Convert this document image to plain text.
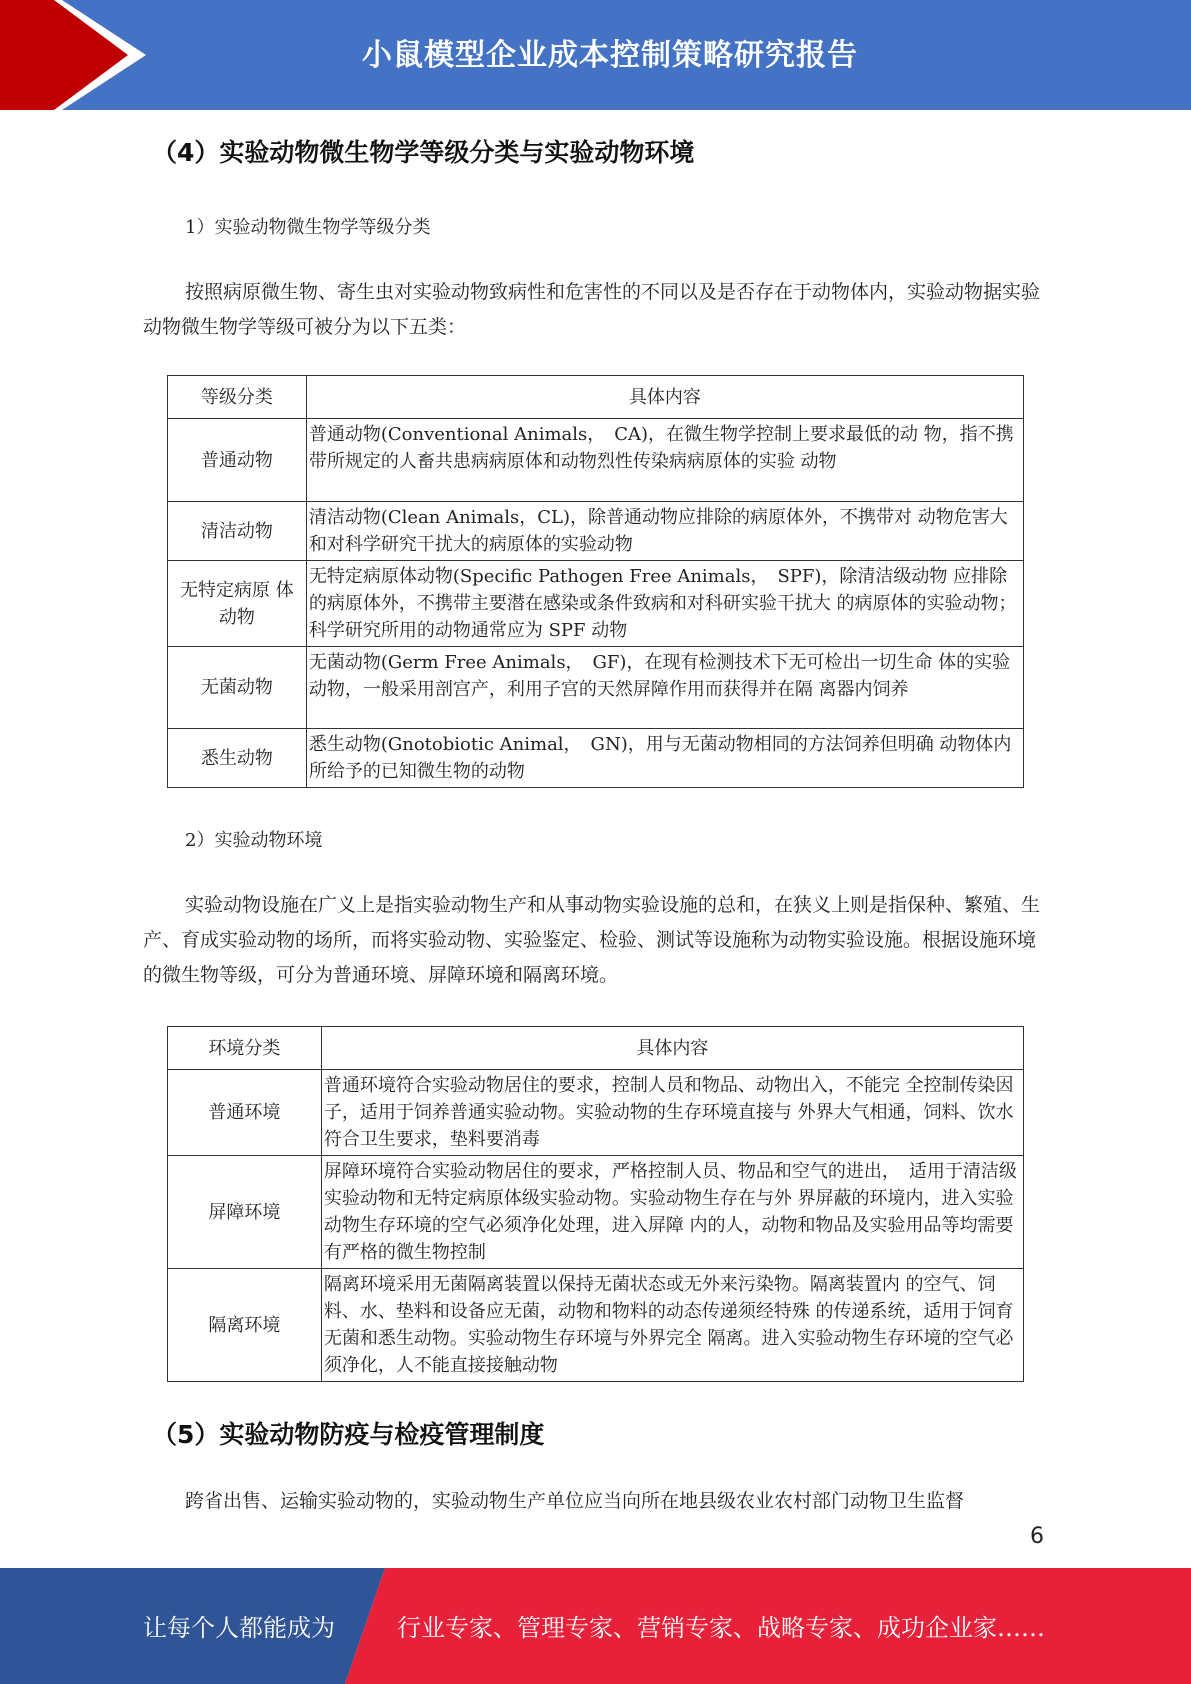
小鼠模型企业成本控制策略研究报告
（4）实验动物微生物学等级分类与实验动物环境
1）实验动物微生物学等级分类

按照病原微生物、寄生虫对实验动物致病性和危害性的不同以及是否存在于动物体内，实验动物据实验动物微生物学等级可被分为以下五类：

等级分类	具体内容
普通动物	普通动物(Conventional Animals，　CA)，在微生物学控制上要求最低的动 物，指不携带所规定的人畜共患病病原体和动物烈性传染病病原体的实验 动物
清洁动物	清洁动物(Clean Animals，CL)，除普通动物应排除的病原体外，不携带对 动物危害大和对科学研究干扰大的病原体的实验动物
无特定病原 体动物	无特定病原体动物(Specific Pathogen Free Animals，　SPF)，除清洁级动物 应排除的病原体外，不携带主要潜在感染或条件致病和对科研实验干扰大 的病原体的实验动物；科学研究所用的动物通常应为 SPF 动物
无菌动物	无菌动物(Germ Free Animals，　GF)，在现有检测技术下无可检出一切生命 体的实验动物，一般采用剖宫产，利用子宫的天然屏障作用而获得并在隔 离器内饲养
悉生动物	悉生动物(Gnotobiotic Animal，　GN)，用与无菌动物相同的方法饲养但明确 动物体内所给予的已知微生物的动物
2）实验动物环境

实验动物设施在广义上是指实验动物生产和从事动物实验设施的总和，在狭义上则是指保种、繁殖、生产、育成实验动物的场所，而将实验动物、实验鉴定、检验、测试等设施称为动物实验设施。根据设施环境的微生物等级，可分为普通环境、屏障环境和隔离环境。

环境分类	具体内容
普通环境	普通环境符合实验动物居住的要求，控制人员和物品、动物出入，不能完 全控制传染因子，适用于饲养普通实验动物。实验动物的生存环境直接与 外界大气相通，饲料、饮水符合卫生要求，垫料要消毒
屏障环境	屏障环境符合实验动物居住的要求，严格控制人员、物品和空气的进出，　适用于清洁级实验动物和无特定病原体级实验动物。实验动物生存在与外 界屏蔽的环境内，进入实验动物生存环境的空气必须净化处理，进入屏障 内的人，动物和物品及实验用品等均需要有严格的微生物控制
隔离环境	隔离环境采用无菌隔离装置以保持无菌状态或无外来污染物。隔离装置内 的空气、饲料、水、垫料和设备应无菌，动物和物料的动态传递须经特殊 的传递系统，适用于饲育无菌和悉生动物。实验动物生存环境与外界完全 隔离。进入实验动物生存环境的空气必须净化，人不能直接接触动物
（5）实验动物防疫与检疫管理制度

跨省出售、运输实验动物的，实验动物生产单位应当向所在地县级农业农村部门动物卫生监督

6
让每个人都能成为	行业专家、管理专家、营销专家、战略专家、成功企业家……
